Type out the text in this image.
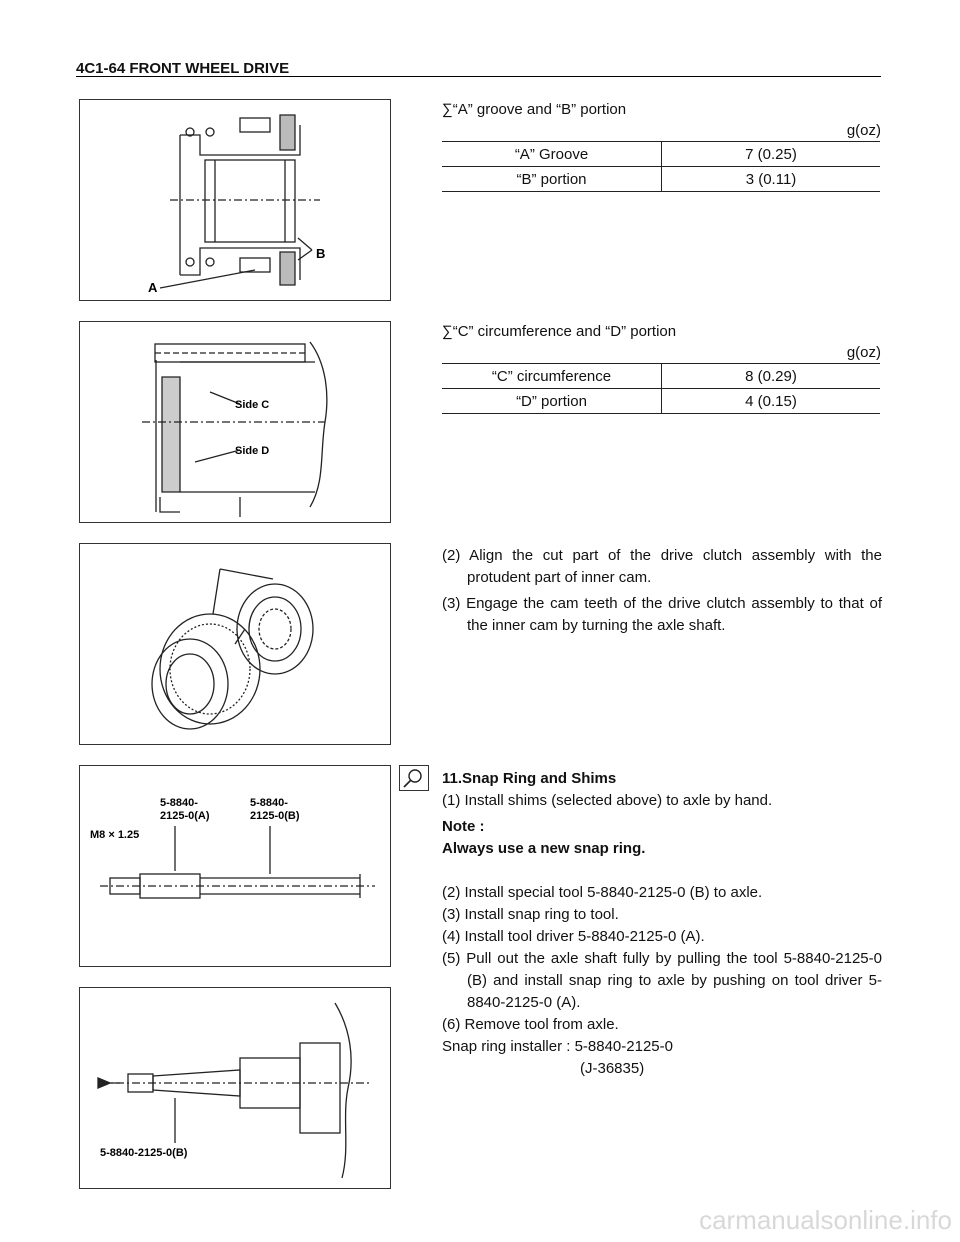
4C1-64 FRONT WHEEL DRIVE
A
B
∑“A” groove and “B” portion
g(oz)
“A” Groove	7 (0.25)
“B” portion	3 (0.11)
Side C
Side D
∑“C” circumference and “D” portion
g(oz)
“C” circumference	8 (0.29)
“D” portion	4 (0.15)
(2) Align the cut part of the drive clutch assembly with the protudent part of inner cam.
(3) Engage the cam teeth of the drive clutch assembly to that of the inner cam by turning the axle shaft.
5-8840-2125-0(A)
5-8840-2125-0(B)
M8 × 1.25
11.Snap Ring and Shims
(1) Install shims (selected above) to axle by hand.
Note :
Always use a new snap ring.
(2) Install special tool 5-8840-2125-0 (B) to axle.
(3) Install snap ring to tool.
(4) Install tool driver 5-8840-2125-0 (A).
(5) Pull out the axle shaft fully by pulling the tool 5-8840-2125-0 (B) and install snap ring to axle by pushing on tool driver 5-8840-2125-0 (A).
(6) Remove tool from axle.
Snap ring installer : 5-8840-2125-0
(J-36835)
5-8840-2125-0(B)
carmanualsonline.info
